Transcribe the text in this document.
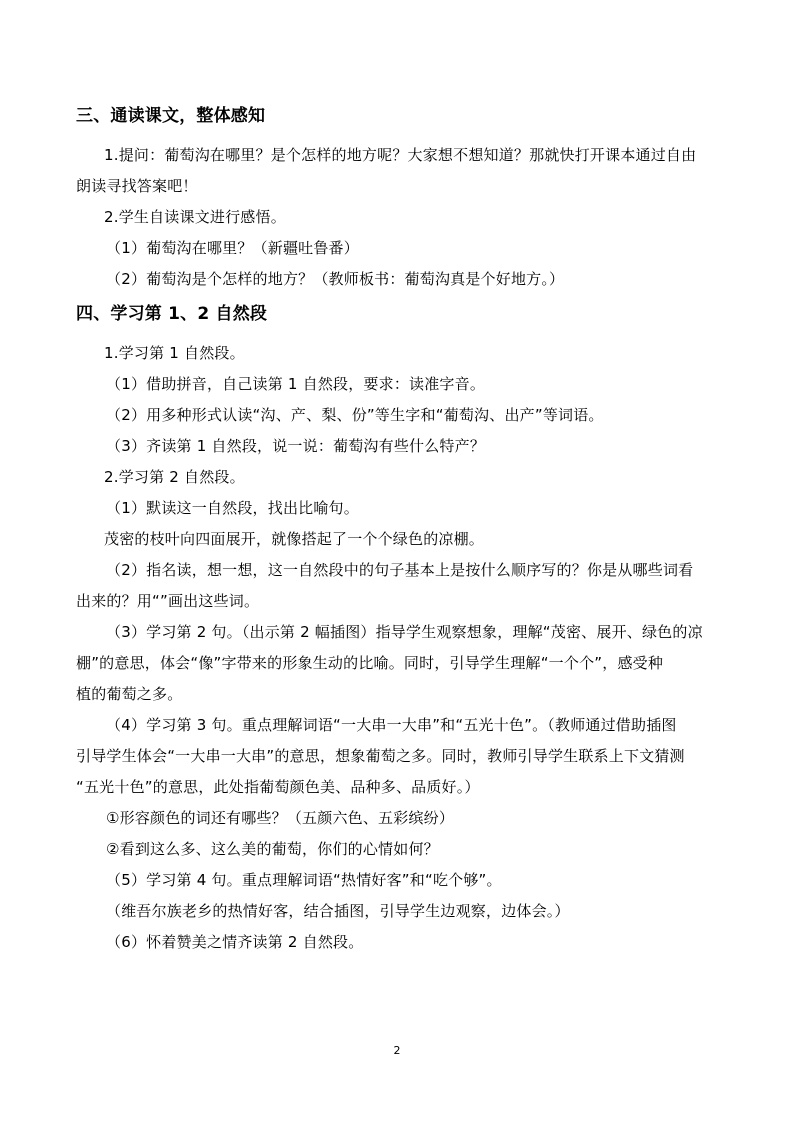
三、通读课文，整体感知
1.提问：葡萄沟在哪里？是个怎样的地方呢？大家想不想知道？那就快打开课本通过自由
朗读寻找答案吧！
2.学生自读课文进行感悟。
（1）葡萄沟在哪里？（新疆吐鲁番）
（2）葡萄沟是个怎样的地方？（教师板书：葡萄沟真是个好地方。）
四、学习第 1、2 自然段
1.学习第 1 自然段。
（1）借助拼音，自己读第 1 自然段，要求：读准字音。
（2）用多种形式认读“沟、产、梨、份”等生字和“葡萄沟、出产”等词语。
（3）齐读第 1 自然段，说一说：葡萄沟有些什么特产？
2.学习第 2 自然段。
（1）默读这一自然段，找出比喻句。
茂密的枝叶向四面展开，就像搭起了一个个绿色的凉棚。
（2）指名读，想一想，这一自然段中的句子基本上是按什么顺序写的？你是从哪些词看
出来的？用“”画出这些词。
（3）学习第 2 句。（出示第 2 幅插图）指导学生观察想象，理解“茂密、展开、绿色的凉
棚”的意思，体会“像”字带来的形象生动的比喻。同时，引导学生理解“一个个”，感受种
植的葡萄之多。
（4）学习第 3 句。重点理解词语“一大串一大串”和“五光十色”。（教师通过借助插图
引导学生体会“一大串一大串”的意思，想象葡萄之多。同时，教师引导学生联系上下文猜测
“五光十色”的意思，此处指葡萄颜色美、品种多、品质好。）
①形容颜色的词还有哪些？（五颜六色、五彩缤纷）
②看到这么多、这么美的葡萄，你们的心情如何？
（5）学习第 4 句。重点理解词语“热情好客”和“吃个够”。
（维吾尔族老乡的热情好客，结合插图，引导学生边观察，边体会。）
（6）怀着赞美之情齐读第 2 自然段。
2
